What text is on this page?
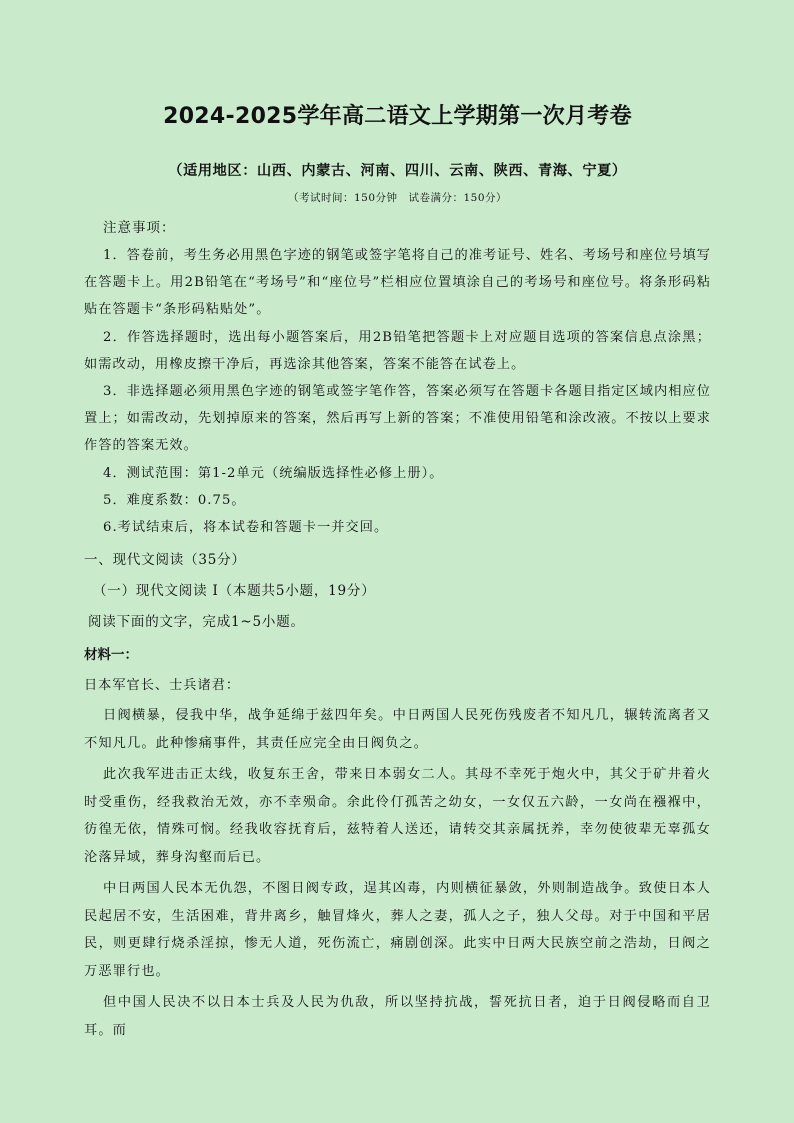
2024-2025学年高二语文上学期第一次月考卷
（适用地区：山西、内蒙古、河南、四川、云南、陕西、青海、宁夏）
（考试时间：150分钟　试卷满分：150分）
注意事项：

1．答卷前，考生务必用黑色字迹的钢笔或签字笔将自己的准考证号、姓名、考场号和座位号填写在答题卡上。用2B铅笔在“考场号”和“座位号”栏相应位置填涂自己的考场号和座位号。将条形码粘贴在答题卡“条形码粘贴处”。

2．作答选择题时，选出每小题答案后，用2B铅笔把答题卡上对应题目选项的答案信息点涂黑；如需改动，用橡皮擦干净后，再选涂其他答案，答案不能答在试卷上。

3．非选择题必须用黑色字迹的钢笔或签字笔作答，答案必须写在答题卡各题目指定区域内相应位置上；如需改动，先划掉原来的答案，然后再写上新的答案；不准使用铅笔和涂改液。不按以上要求作答的答案无效。

4．测试范围：第1-2单元（统编版选择性必修上册）。

5．难度系数：0.75。

6.考试结束后，将本试卷和答题卡一并交回。

一、现代文阅读（35分）
（一）现代文阅读 I（本题共5小题，19分）
阅读下面的文字，完成1~5小题。
材料一：
日本军官长、士兵诸君：

日阀横暴，侵我中华，战争延绵于兹四年矣。中日两国人民死伤残废者不知凡几，辗转流离者又不知凡几。此种惨痛事件，其责任应完全由日阀负之。

此次我军进击正太线，收复东王舍，带来日本弱女二人。其母不幸死于炮火中，其父于矿井着火时受重伤，经我救治无效，亦不幸殒命。余此伶仃孤苦之幼女，一女仅五六龄，一女尚在襁褓中，彷徨无依，情殊可悯。经我收容抚育后，兹特着人送还，请转交其亲属抚养，幸勿使彼辈无辜孤女沦落异域，葬身沟壑而后已。

中日两国人民本无仇怨，不图日阀专政，逞其凶毒，内则横征暴敛，外则制造战争。致使日本人民起居不安，生活困难，背井离乡，触冒烽火，葬人之妻，孤人之子，独人父母。对于中国和平居民，则更肆行烧杀淫掠，惨无人道，死伤流亡，痛剧创深。此实中日两大民族空前之浩劫，日阀之万恶罪行也。

但中国人民决不以日本士兵及人民为仇敌，所以坚持抗战，誓死抗日者，迫于日阀侵略而自卫耳。而
